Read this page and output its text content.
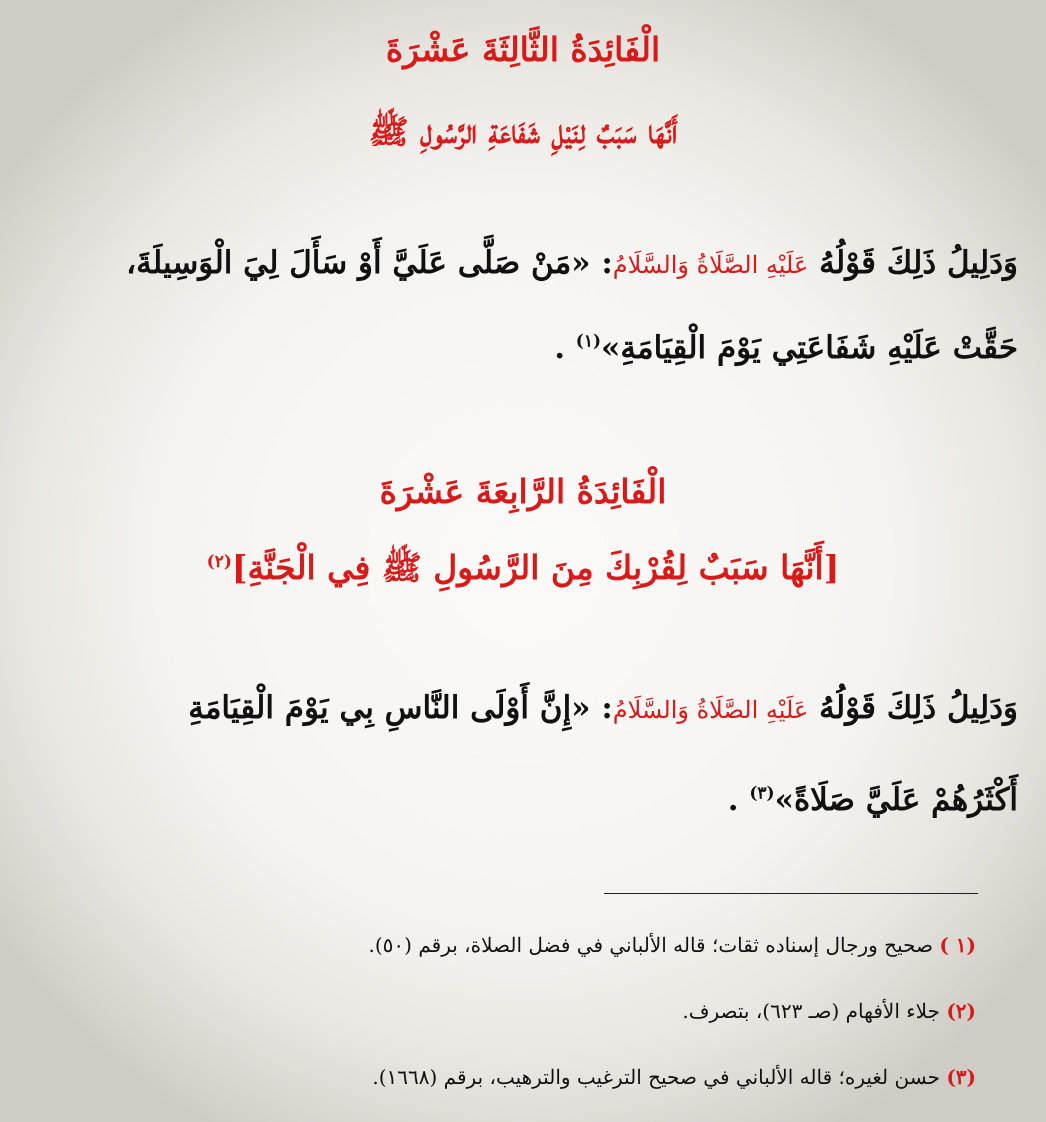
الْفَائِدَةُ الثَّالِثَةَ عَشْرَةَ
أَنَّهَا سَبَبٌ لِنَيْلِ شَفَاعَةِ الرَّسُولِ ﷺ
وَدَلِيلُ ذَلِكَ قَوْلُهُ عَلَيْهِ الصَّلَاةُ وَالسَّلَامُ: «مَنْ صَلَّى عَلَيَّ أَوْ سَأَلَ لِيَ الْوَسِيلَةَ،
حَقَّتْ عَلَيْهِ شَفَاعَتِي يَوْمَ الْقِيَامَةِ»$^{(١)}$ .
الْفَائِدَةُ الرَّابِعَةَ عَشْرَةَ
[أَنَّهَا سَبَبٌ لِقُرْبِكَ مِنَ الرَّسُولِ ﷺ فِي الْجَنَّةِ]$^{(٢)}$
وَدَلِيلُ ذَلِكَ قَوْلُهُ عَلَيْهِ الصَّلَاةُ وَالسَّلَامُ: «إِنَّ أَوْلَى النَّاسِ بِي يَوْمَ الْقِيَامَةِ
أَكْثَرُهُمْ عَلَيَّ صَلَاةً»$^{(٣)}$ .
(١ ) صحيح ورجال إسناده ثقات؛ قاله الألباني في فضل الصلاة، برقم (٥٠).
(٢) جلاء الأفهام (صـ ٦٢٣)، بتصرف.
(٣) حسن لغيره؛ قاله الألباني في صحيح الترغيب والترهيب، برقم (١٦٦٨).
